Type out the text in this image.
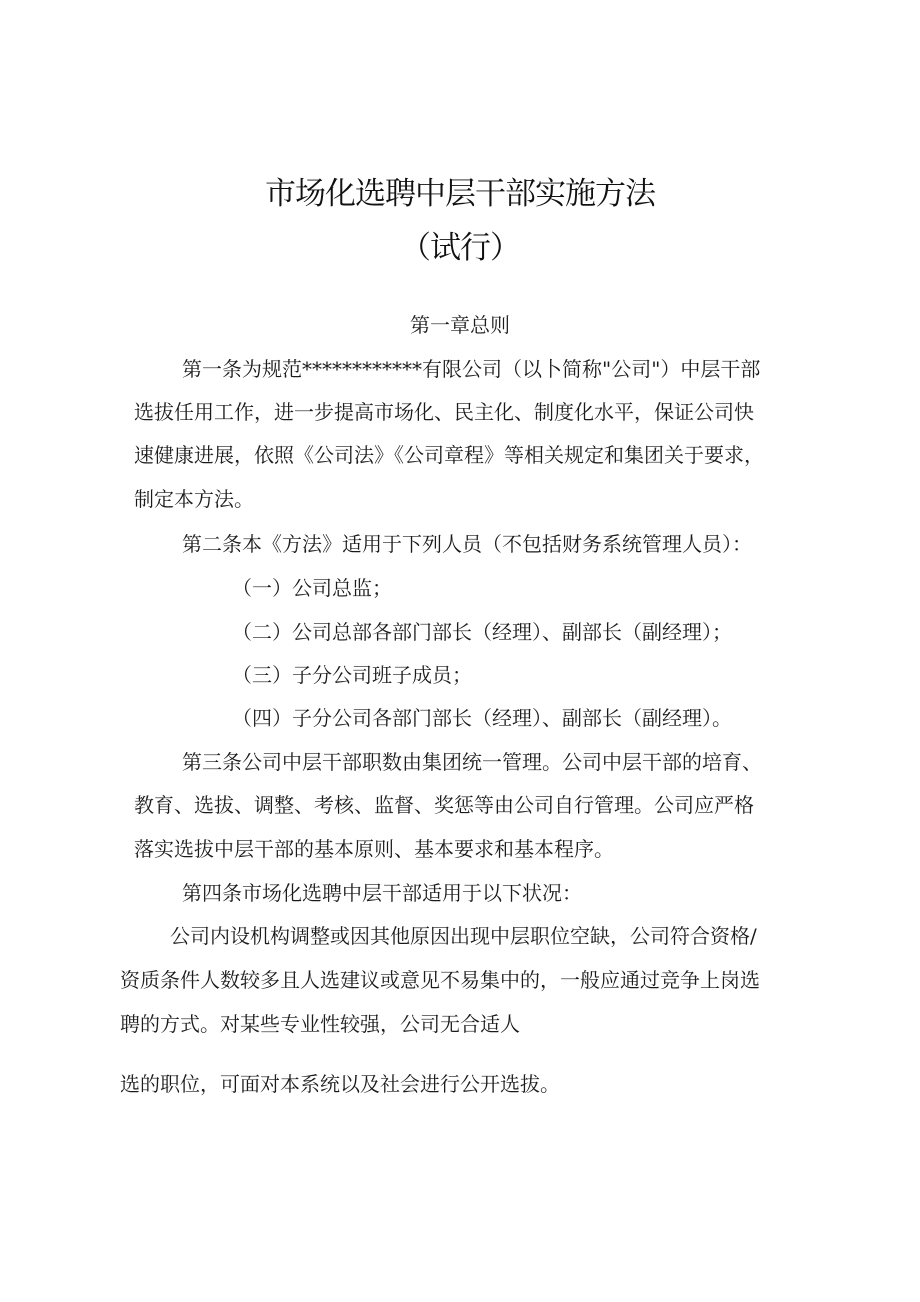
市场化选聘中层干部实施方法
（试行）
第一章总则
第一条为规范************有限公司（以卜简称"公司"）中层干部
选拔任用工作，进一步提高市场化、民主化、制度化水平，保证公司快
速健康进展，依照《公司法》《公司章程》等相关规定和集团关于要求，
制定本方法。
第二条本《方法》适用于下列人员（不包括财务系统管理人员）：
（一）公司总监；
（二）公司总部各部门部长（经理）、副部长（副经理）；
（三）子分公司班子成员；
（四）子分公司各部门部长（经理）、副部长（副经理）。
第三条公司中层干部职数由集团统一管理。公司中层干部的培育、
教育、选拔、调整、考核、监督、奖惩等由公司自行管理。公司应严格
落实选拔中层干部的基本原则、基本要求和基本程序。
第四条市场化选聘中层干部适用于以下状况：
公司内设机构调整或因其他原因出现中层职位空缺，公司符合资格/
资质条件人数较多且人选建议或意见不易集中的，一般应通过竞争上岗选
聘的方式。对某些专业性较强，公司无合适人
选的职位，可面对本系统以及社会进行公开选拔。
